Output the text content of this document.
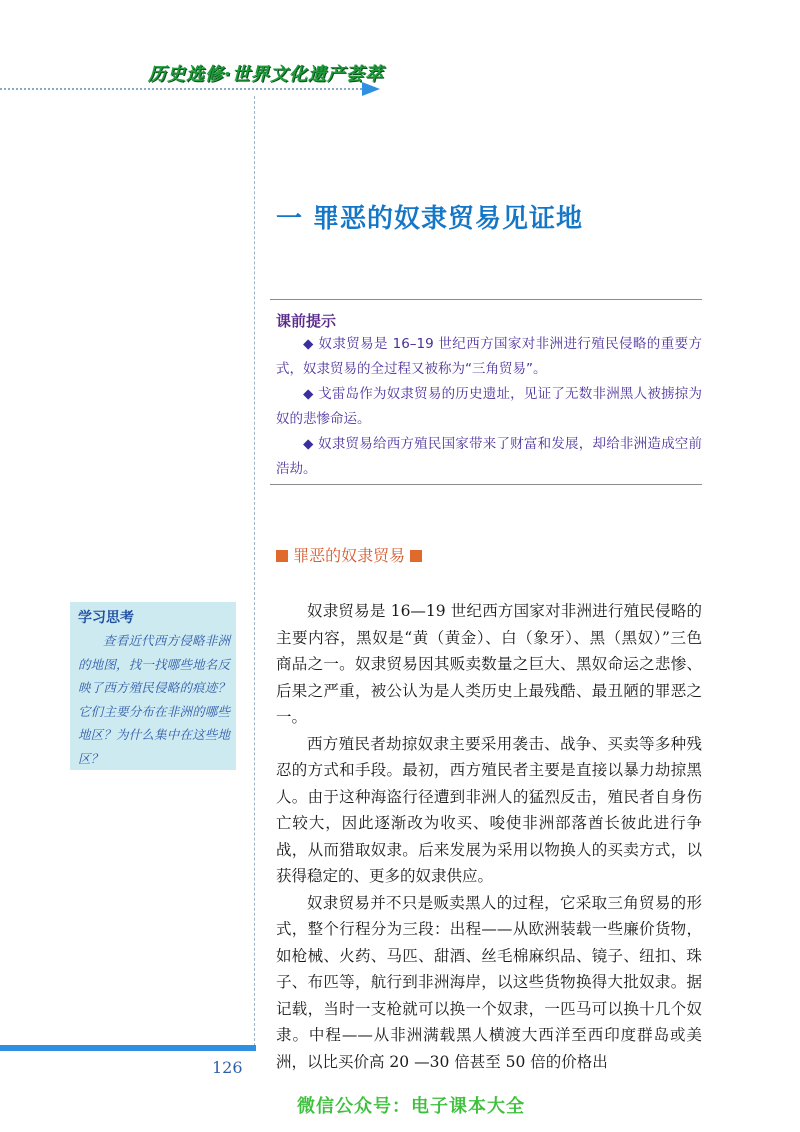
历史选修·世界文化遗产荟萃
一 罪恶的奴隶贸易见证地
课前提示

◆ 奴隶贸易是 16–19 世纪西方国家对非洲进行殖民侵略的重要方式，奴隶贸易的全过程又被称为“三角贸易”。

◆ 戈雷岛作为奴隶贸易的历史遗址，见证了无数非洲黑人被掳掠为奴的悲惨命运。

◆ 奴隶贸易给西方殖民国家带来了财富和发展，却给非洲造成空前浩劫。

罪恶的奴隶贸易
学习思考

查看近代西方侵略非洲的地图，找一找哪些地名反映了西方殖民侵略的痕迹？它们主要分布在非洲的哪些地区？为什么集中在这些地区？

奴隶贸易是 16—19 世纪西方国家对非洲进行殖民侵略的主要内容，黑奴是“黄（黄金）、白（象牙）、黑（黑奴）”三色商品之一。奴隶贸易因其贩卖数量之巨大、黑奴命运之悲惨、后果之严重，被公认为是人类历史上最残酷、最丑陋的罪恶之一。

西方殖民者劫掠奴隶主要采用袭击、战争、买卖等多种残忍的方式和手段。最初，西方殖民者主要是直接以暴力劫掠黑人。由于这种海盗行径遭到非洲人的猛烈反击，殖民者自身伤亡较大，因此逐渐改为收买、唆使非洲部落酋长彼此进行争战，从而猎取奴隶。后来发展为采用以物换人的买卖方式，以获得稳定的、更多的奴隶供应。

奴隶贸易并不只是贩卖黑人的过程，它采取三角贸易的形式，整个行程分为三段：出程——从欧洲装载一些廉价货物，如枪械、火药、马匹、甜酒、丝毛棉麻织品、镜子、纽扣、珠子、布匹等，航行到非洲海岸，以这些货物换得大批奴隶。据记载，当时一支枪就可以换一个奴隶，一匹马可以换十几个奴隶。中程——从非洲满载黑人横渡大西洋至西印度群岛或美洲，以比买价高 20 —30 倍甚至 50 倍的价格出

126
微信公众号：电子课本大全
